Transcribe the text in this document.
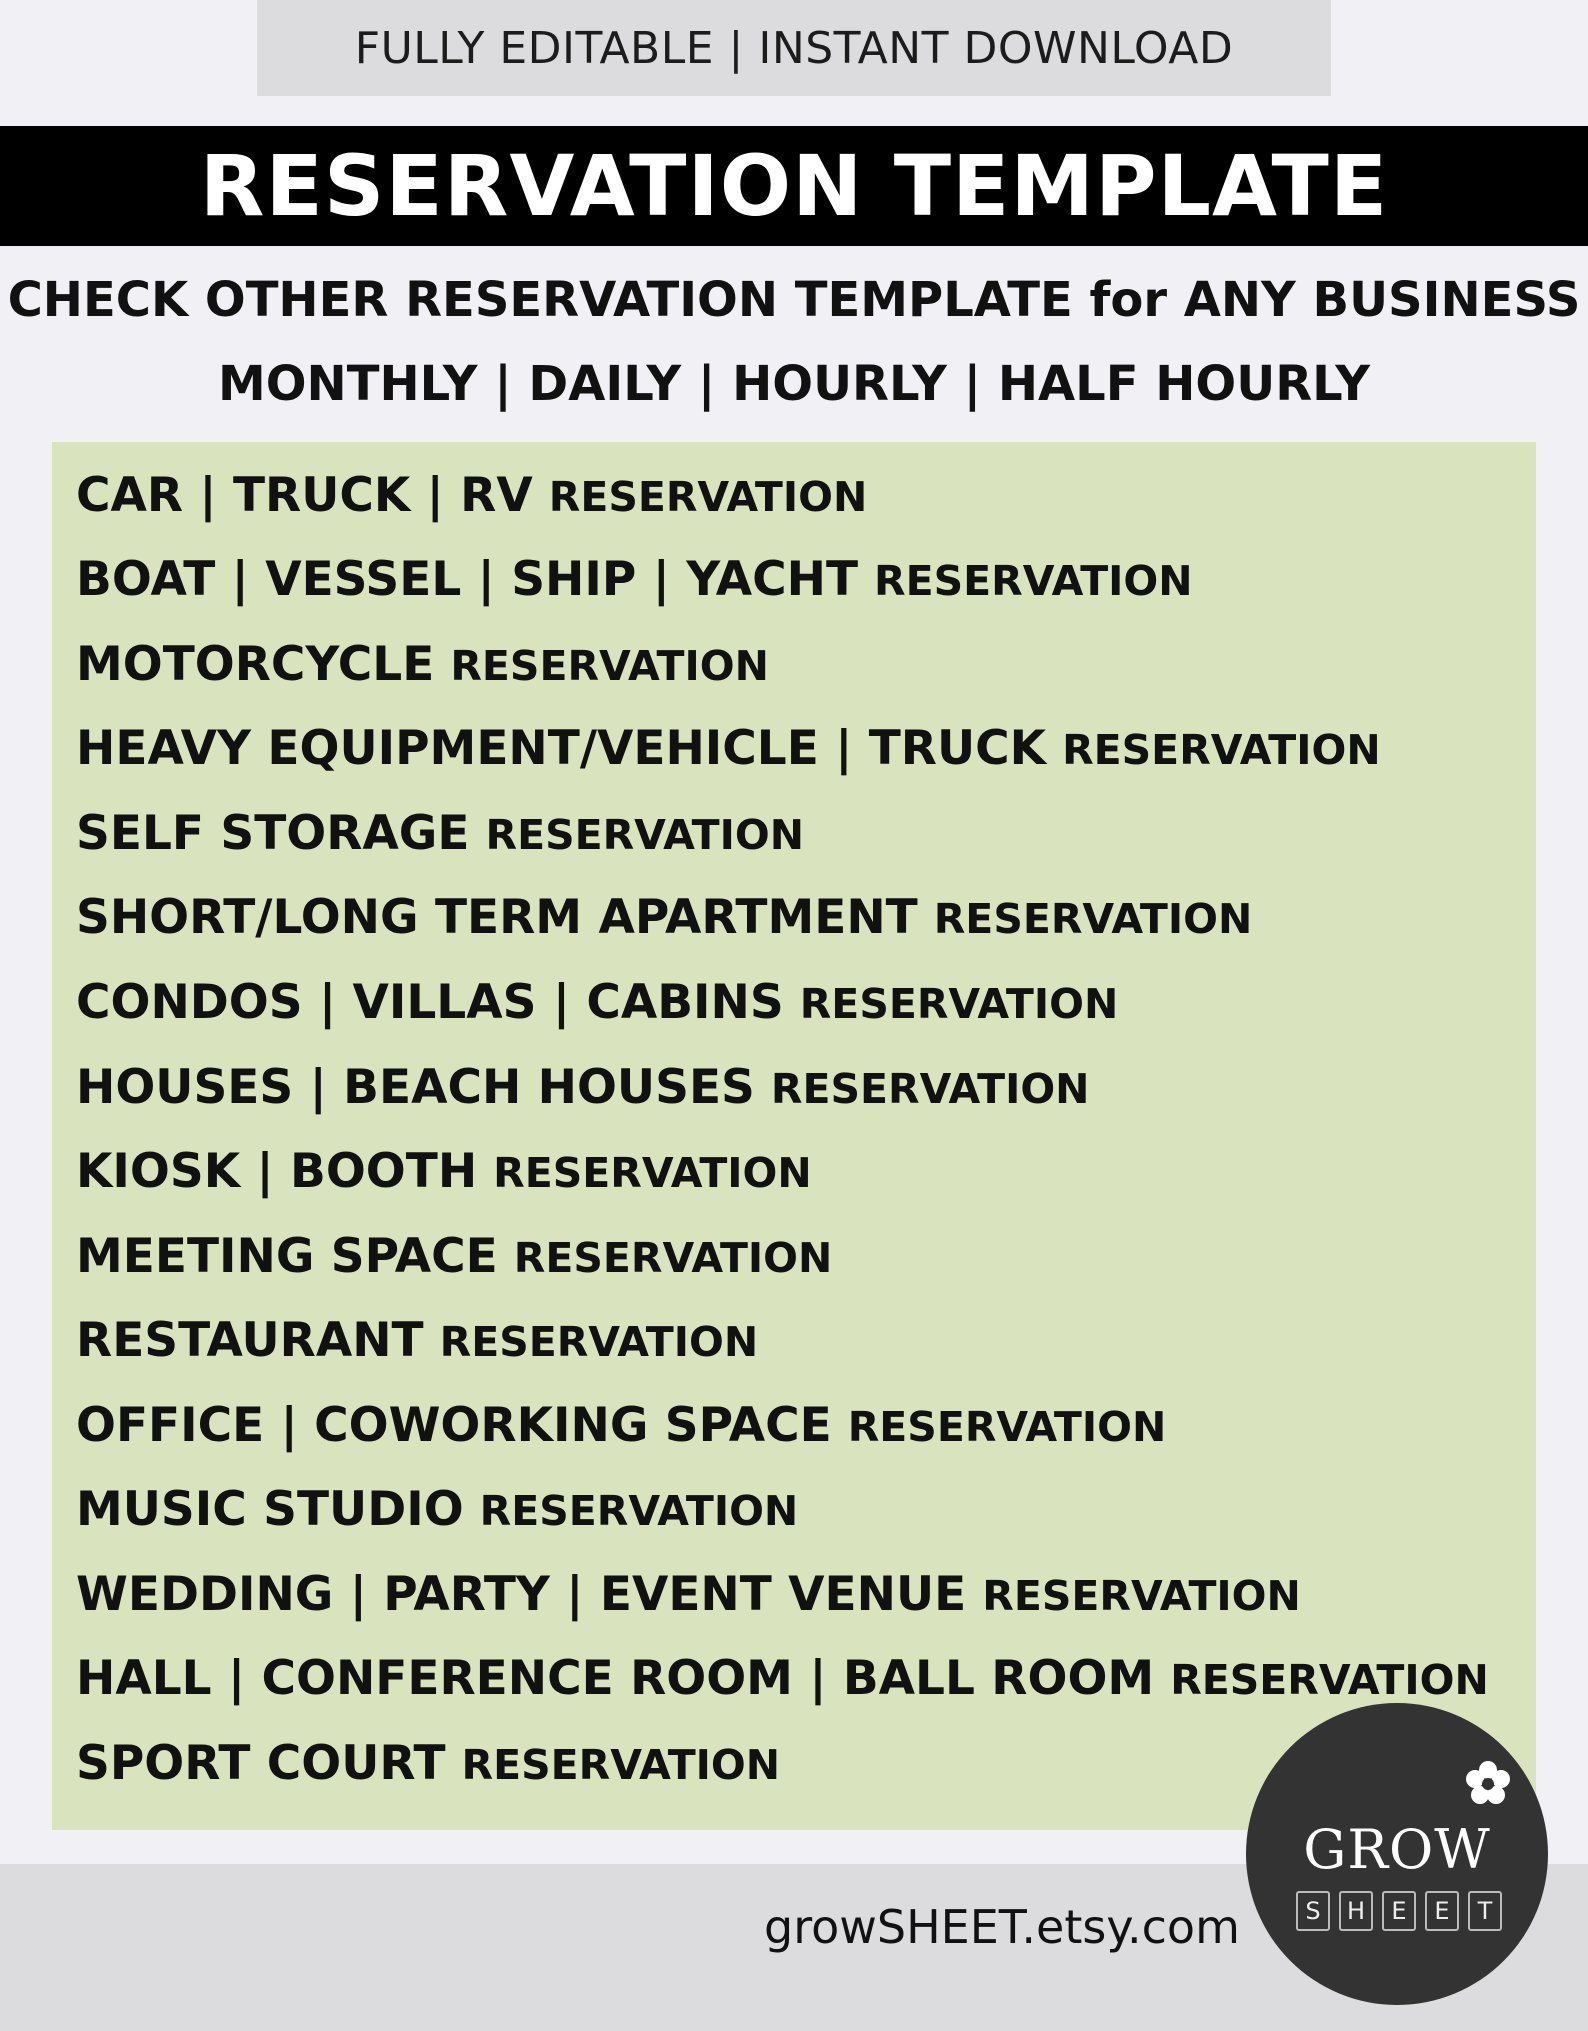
FULLY EDITABLE | INSTANT DOWNLOAD
RESERVATION TEMPLATE
CHECK OTHER RESERVATION TEMPLATE for ANY BUSINESS
MONTHLY | DAILY | HOURLY | HALF HOURLY
CAR | TRUCK | RV RESERVATION
BOAT | VESSEL | SHIP | YACHT RESERVATION
MOTORCYCLE RESERVATION
HEAVY EQUIPMENT/VEHICLE | TRUCK RESERVATION
SELF STORAGE RESERVATION
SHORT/LONG TERM APARTMENT RESERVATION
CONDOS | VILLAS | CABINS RESERVATION
HOUSES | BEACH HOUSES RESERVATION
KIOSK | BOOTH RESERVATION
MEETING SPACE RESERVATION
RESTAURANT RESERVATION
OFFICE | COWORKING SPACE RESERVATION
MUSIC STUDIO RESERVATION
WEDDING | PARTY | EVENT VENUE RESERVATION
HALL | CONFERENCE ROOM | BALL ROOM RESERVATION
SPORT COURT RESERVATION
growSHEET.etsy.com
GROW
S	H	E	E	T
